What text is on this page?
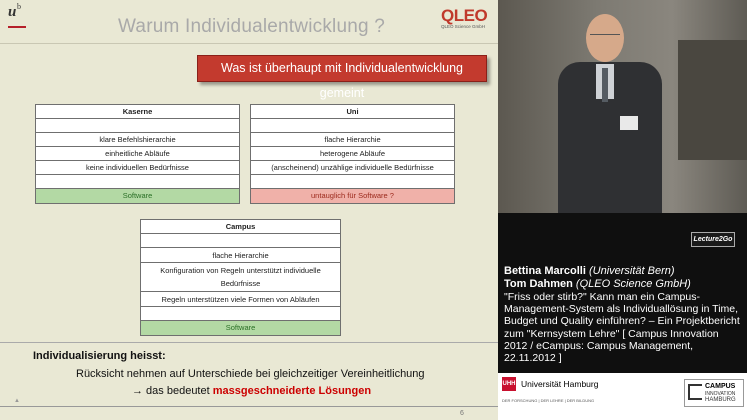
u b
Warum Individualentwicklung ?
QLEO
QLEO Science GmbH
Was ist überhaupt mit Individualentwicklung gemeint
Kaserne
klare Befehlshierarchie
einheitliche Abläufe
keine individuellen Bedürfnisse
Software
Uni
flache Hierarchie
heterogene Abläufe
(anscheinend) unzählige individuelle Bedürfnisse
untauglich für Software ?
Campus
flache Hierarchie
Konfiguration von Regeln unterstützt individuelle Bedürfnisse
Regeln unterstützen viele Formen von Abläufen
Software
Individualisierung heisst:
Rücksicht nehmen auf Unterschiede bei gleichzeitiger Vereinheitlichung
→ das bedeutet massgeschneiderte Lösungen
▲
6
Lecture2Go
Bettina Marcolli (Universität Bern)
Tom Dahmen (QLEO Science GmbH)
"Friss oder stirb?" Kann man ein Campus-Management-System als Individuallösung in Time, Budget und Quality einführen? – Ein Projektbericht zum "Kernsystem Lehre" [ Campus Innovation 2012 / eCampus: Campus Management, 22.11.2012 ]
UHH Universität Hamburg
DER FORSCHUNG | DER LEHRE | DER BILDUNG
CAMPUS
INNOVATION
HAMBURG
